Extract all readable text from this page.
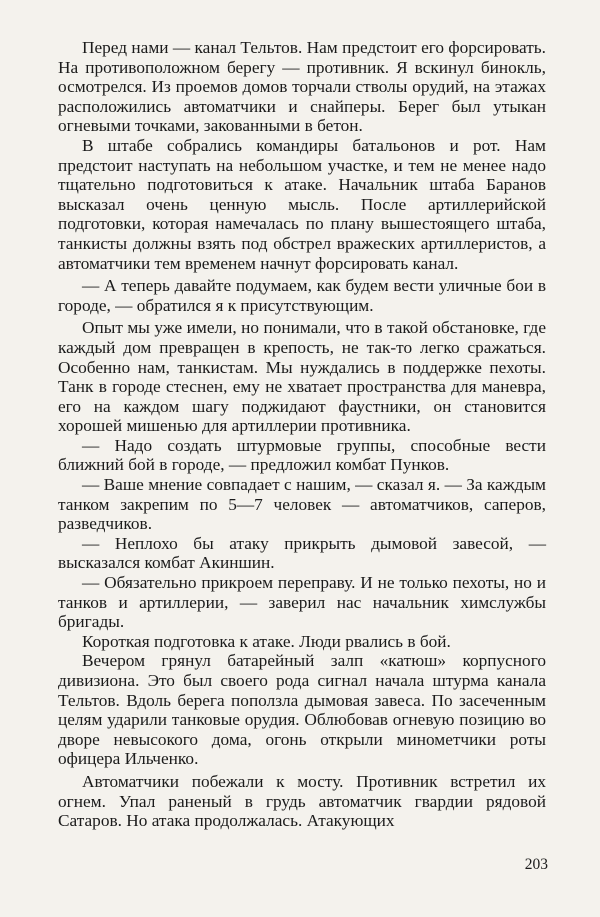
Перед нами — канал Тельтов. Нам предстоит его форсировать. На противоположном берегу — противник. Я вскинул бинокль, осмотрелся. Из проемов домов торчали стволы орудий, на этажах расположились автоматчики и снайперы. Берег был утыкан огневыми точками, закованными в бетон.

В штабе собрались командиры батальонов и рот. Нам предстоит наступать на небольшом участке, и тем не менее надо тщательно подготовиться к атаке. Начальник штаба Баранов высказал очень ценную мысль. После артиллерийской подготовки, которая намечалась по плану вышестоящего штаба, танкисты должны взять под обстрел вражеских артиллеристов, а автоматчики тем временем начнут форсировать канал.

— А теперь давайте подумаем, как будем вести уличные бои в городе, — обратился я к присутствующим.

Опыт мы уже имели, но понимали, что в такой обстановке, где каждый дом превращен в крепость, не так-то легко сражаться. Особенно нам, танкистам. Мы нуждались в поддержке пехоты. Танк в городе стеснен, ему не хватает пространства для маневра, его на каждом шагу поджидают фаустники, он становится хорошей мишенью для артиллерии противника.

— Надо создать штурмовые группы, способные вести ближний бой в городе, — предложил комбат Пунков.

— Ваше мнение совпадает с нашим, — сказал я. — За каждым танком закрепим по 5—7 человек — автоматчиков, саперов, разведчиков.

— Неплохо бы атаку прикрыть дымовой завесой, — высказался комбат Акиншин.

— Обязательно прикроем переправу. И не только пехоты, но и танков и артиллерии, — заверил нас начальник химслужбы бригады.

Короткая подготовка к атаке. Люди рвались в бой.

Вечером грянул батарейный залп «катюш» корпусного дивизиона. Это был своего рода сигнал начала штурма канала Тельтов. Вдоль берега поползла дымовая завеса. По засеченным целям ударили танковые орудия. Облюбовав огневую позицию во дворе невысокого дома, огонь открыли минометчики роты офицера Ильченко.

Автоматчики побежали к мосту. Противник встретил их огнем. Упал раненый в грудь автоматчик гвардии рядовой Сатаров. Но атака продолжалась. Атакующих

203
